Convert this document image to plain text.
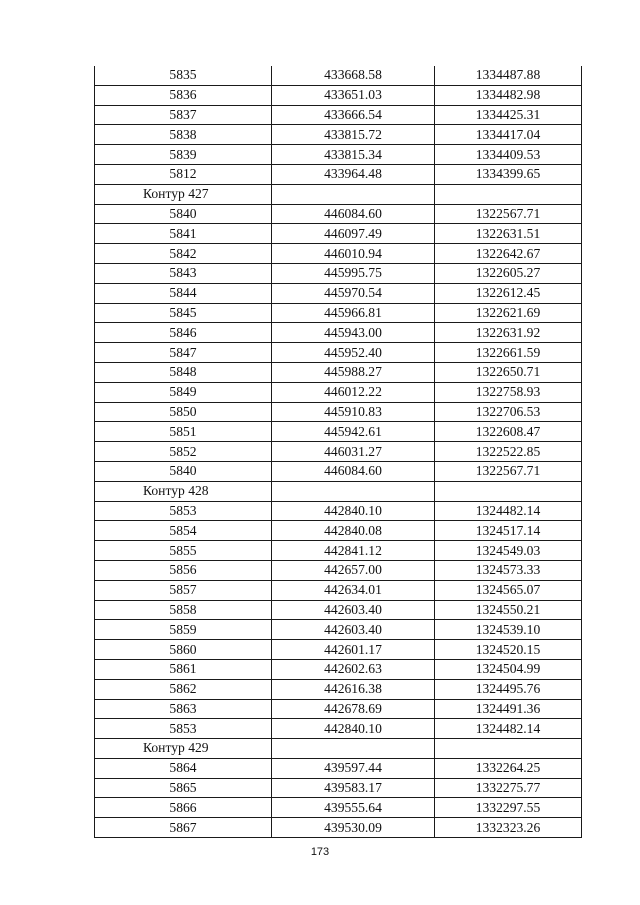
5835	433668.58	1334487.88
5836	433651.03	1334482.98
5837	433666.54	1334425.31
5838	433815.72	1334417.04
5839	433815.34	1334409.53
5812	433964.48	1334399.65
Контур 427		
5840	446084.60	1322567.71
5841	446097.49	1322631.51
5842	446010.94	1322642.67
5843	445995.75	1322605.27
5844	445970.54	1322612.45
5845	445966.81	1322621.69
5846	445943.00	1322631.92
5847	445952.40	1322661.59
5848	445988.27	1322650.71
5849	446012.22	1322758.93
5850	445910.83	1322706.53
5851	445942.61	1322608.47
5852	446031.27	1322522.85
5840	446084.60	1322567.71
Контур 428		
5853	442840.10	1324482.14
5854	442840.08	1324517.14
5855	442841.12	1324549.03
5856	442657.00	1324573.33
5857	442634.01	1324565.07
5858	442603.40	1324550.21
5859	442603.40	1324539.10
5860	442601.17	1324520.15
5861	442602.63	1324504.99
5862	442616.38	1324495.76
5863	442678.69	1324491.36
5853	442840.10	1324482.14
Контур 429		
5864	439597.44	1332264.25
5865	439583.17	1332275.77
5866	439555.64	1332297.55
5867	439530.09	1332323.26
173
